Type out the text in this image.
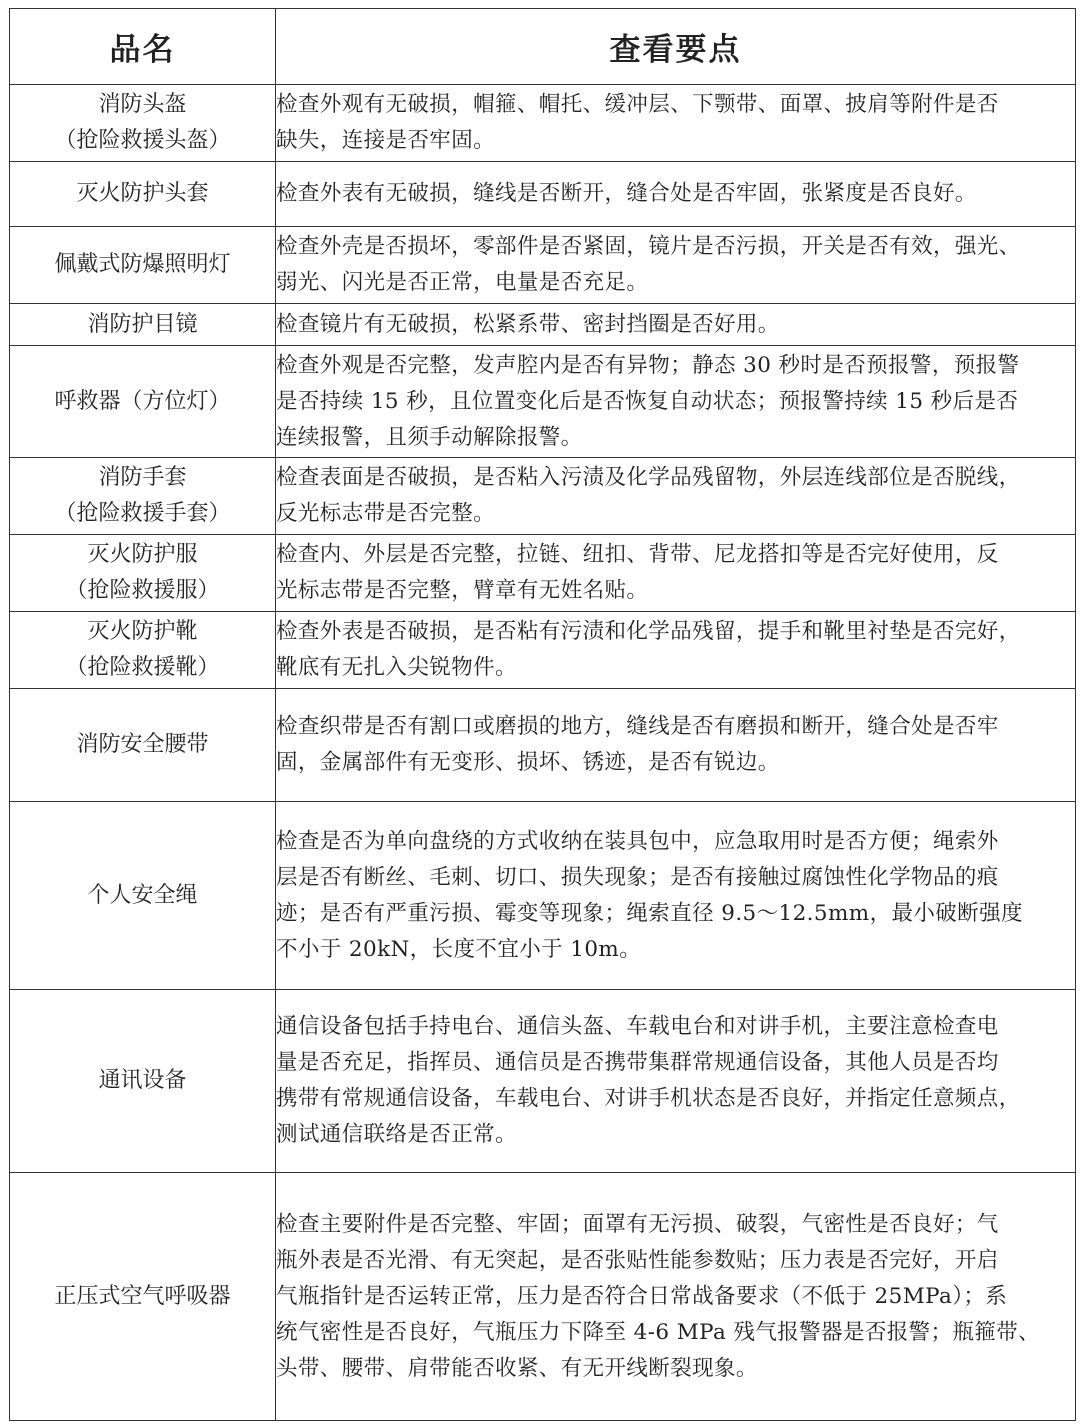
品名	查看要点

消防头盔
（抢险救援头盔）	检查外观有无破损，帽箍、帽托、缓冲层、下颚带、面罩、披肩等附件是否
缺失，连接是否牢固。

灭火防护头套	检查外表有无破损，缝线是否断开，缝合处是否牢固，张紧度是否良好。

佩戴式防爆照明灯	检查外壳是否损坏，零部件是否紧固，镜片是否污损，开关是否有效，强光、
弱光、闪光是否正常，电量是否充足。

消防护目镜	检查镜片有无破损，松紧系带、密封挡圈是否好用。

呼救器（方位灯）	检查外观是否完整，发声腔内是否有异物；静态 30 秒时是否预报警，预报警
是否持续 15 秒，且位置变化后是否恢复自动状态；预报警持续 15 秒后是否
连续报警，且须手动解除报警。

消防手套
（抢险救援手套）	检查表面是否破损，是否粘入污渍及化学品残留物，外层连线部位是否脱线，
反光标志带是否完整。

灭火防护服
（抢险救援服）	检查内、外层是否完整，拉链、纽扣、背带、尼龙搭扣等是否完好使用，反
光标志带是否完整，臂章有无姓名贴。

灭火防护靴
（抢险救援靴）	检查外表是否破损，是否粘有污渍和化学品残留，提手和靴里衬垫是否完好，
靴底有无扎入尖锐物件。

消防安全腰带	检查织带是否有割口或磨损的地方，缝线是否有磨损和断开，缝合处是否牢
固，金属部件有无变形、损坏、锈迹，是否有锐边。

个人安全绳	检查是否为单向盘绕的方式收纳在装具包中，应急取用时是否方便；绳索外
层是否有断丝、毛刺、切口、损失现象；是否有接触过腐蚀性化学物品的痕
迹；是否有严重污损、霉变等现象；绳索直径 9.5～12.5mm，最小破断强度
不小于 20kN，长度不宜小于 10m。

通讯设备	通信设备包括手持电台、通信头盔、车载电台和对讲手机，主要注意检查电
量是否充足，指挥员、通信员是否携带集群常规通信设备，其他人员是否均
携带有常规通信设备，车载电台、对讲手机状态是否良好，并指定任意频点，
测试通信联络是否正常。

正压式空气呼吸器	检查主要附件是否完整、牢固；面罩有无污损、破裂，气密性是否良好；气
瓶外表是否光滑、有无突起，是否张贴性能参数贴；压力表是否完好，开启
气瓶指针是否运转正常，压力是否符合日常战备要求（不低于 25MPa）；系
统气密性是否良好，气瓶压力下降至 4-6 MPa 残气报警器是否报警；瓶箍带、
头带、腰带、肩带能否收紧、有无开线断裂现象。
